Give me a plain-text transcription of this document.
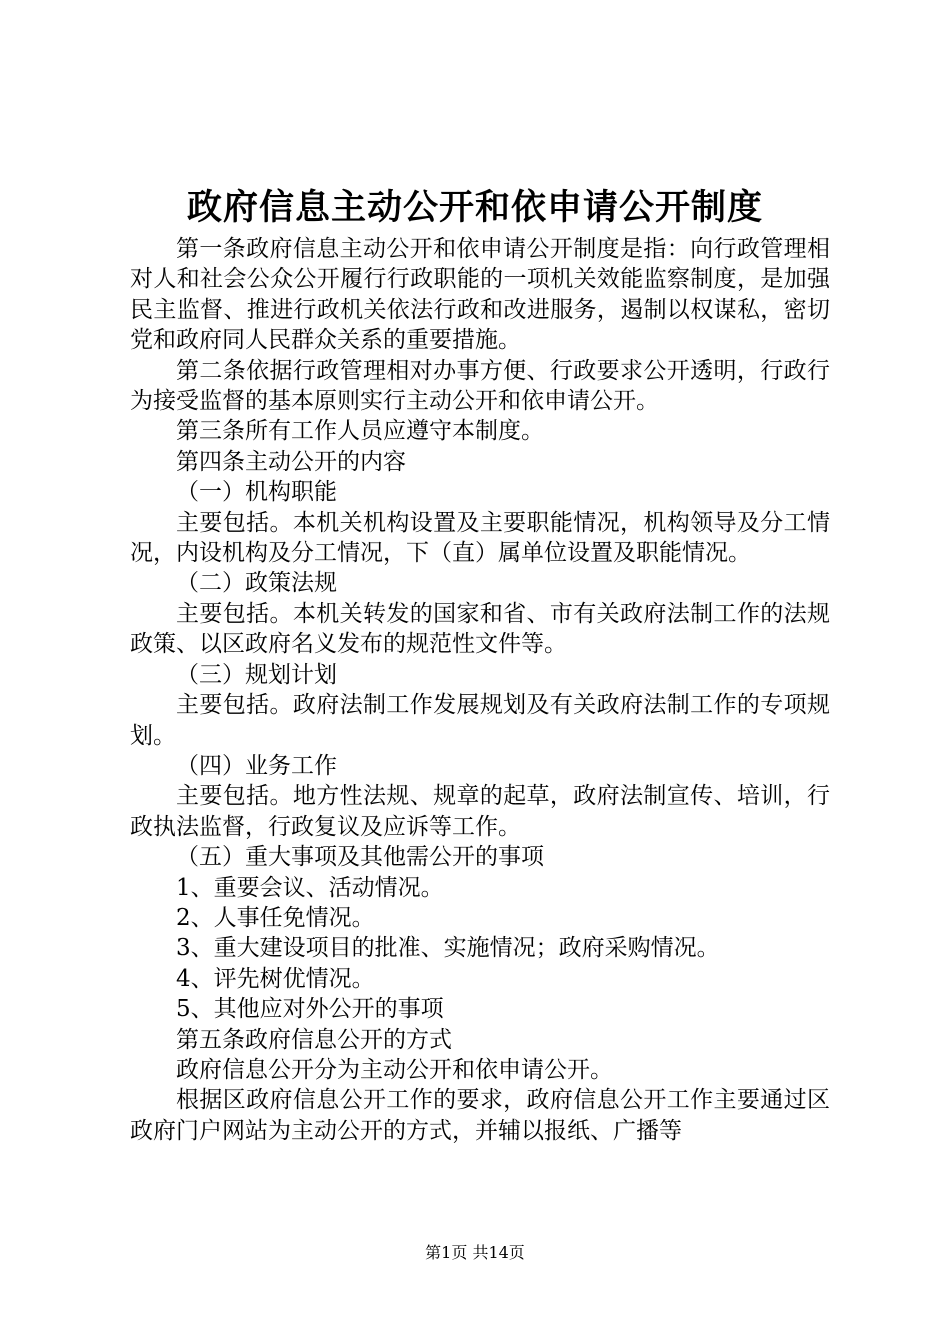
政府信息主动公开和依申请公开制度

第一条政府信息主动公开和依申请公开制度是指：向行政管理相对人和社会公众公开履行行政职能的一项机关效能监察制度，是加强民主监督、推进行政机关依法行政和改进服务，遏制以权谋私，密切党和政府同人民群众关系的重要措施。

第二条依据行政管理相对办事方便、行政要求公开透明，行政行为接受监督的基本原则实行主动公开和依申请公开。

第三条所有工作人员应遵守本制度。

第四条主动公开的内容

（一）机构职能

主要包括。本机关机构设置及主要职能情况，机构领导及分工情况，内设机构及分工情况，下（直）属单位设置及职能情况。

（二）政策法规

主要包括。本机关转发的国家和省、市有关政府法制工作的法规政策、以区政府名义发布的规范性文件等。

（三）规划计划

主要包括。政府法制工作发展规划及有关政府法制工作的专项规划。

（四）业务工作

主要包括。地方性法规、规章的起草，政府法制宣传、培训，行政执法监督，行政复议及应诉等工作。

（五）重大事项及其他需公开的事项

1、重要会议、活动情况。

2、人事任免情况。

3、重大建设项目的批准、实施情况；政府采购情况。

4、评先树优情况。

5、其他应对外公开的事项

第五条政府信息公开的方式

政府信息公开分为主动公开和依申请公开。

根据区政府信息公开工作的要求，政府信息公开工作主要通过区政府门户网站为主动公开的方式，并辅以报纸、广播等

第1页 共14页
